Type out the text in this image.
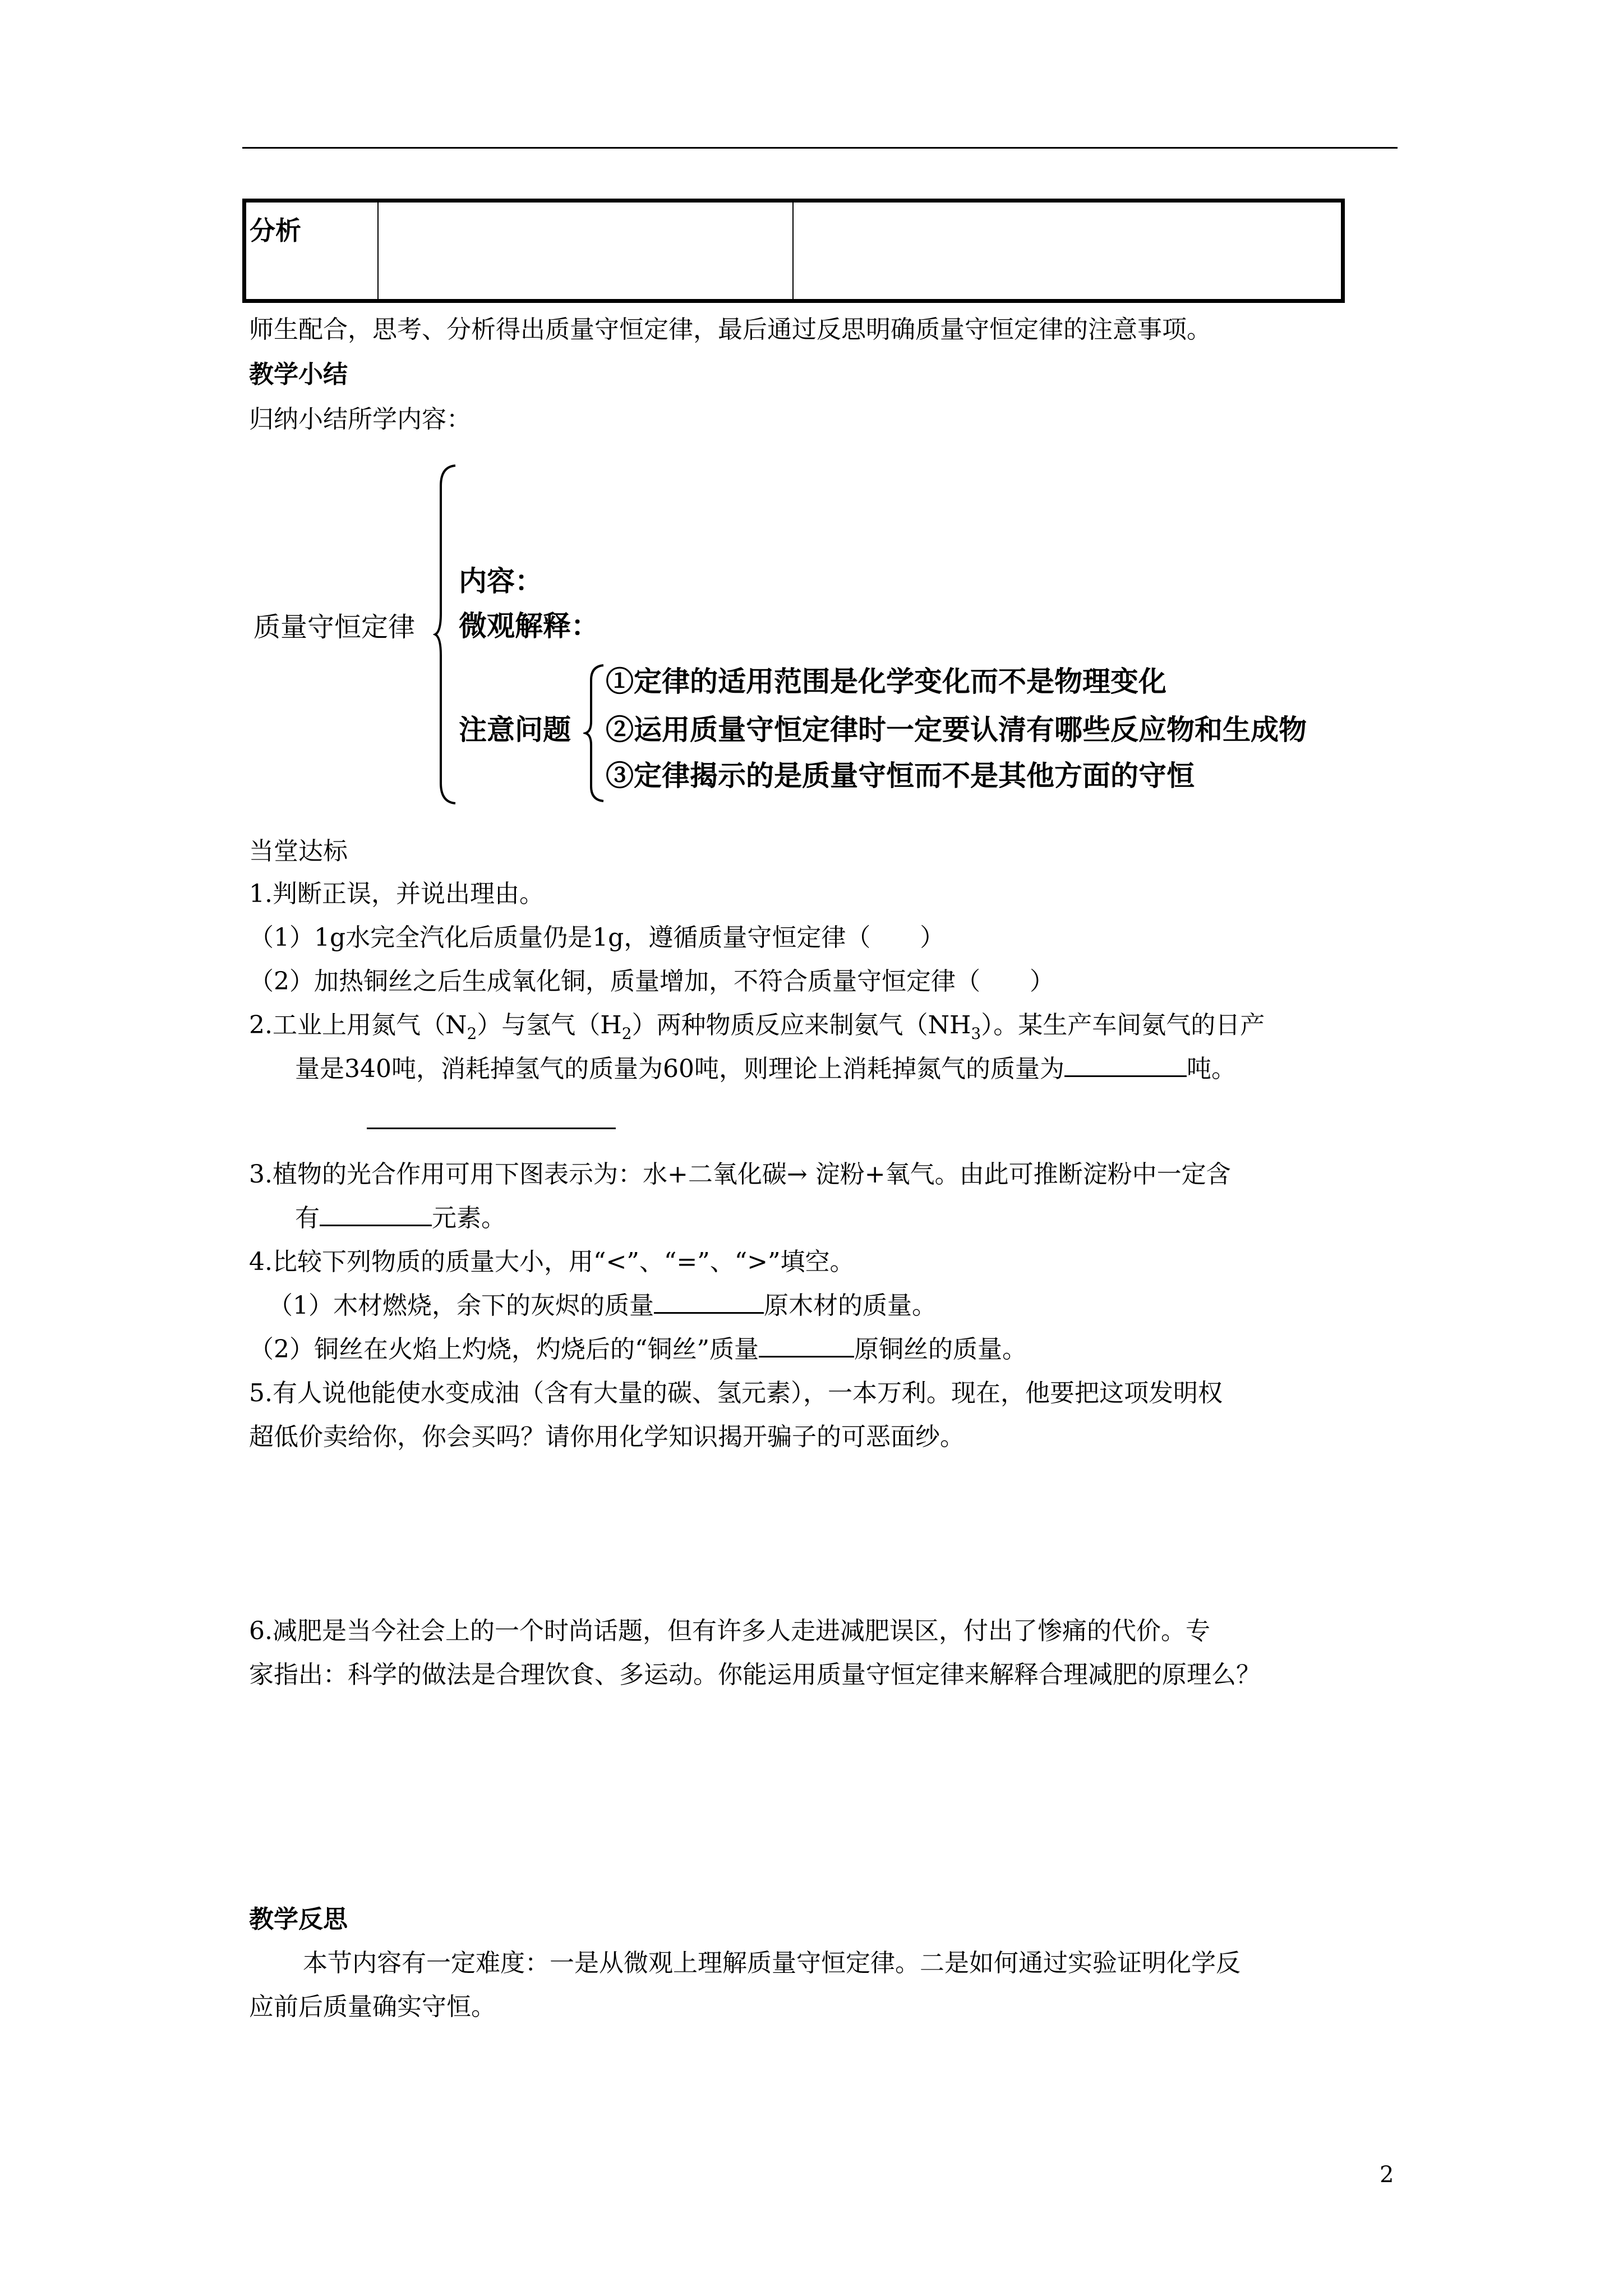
分析
师生配合，思考、分析得出质量守恒定律，最后通过反思明确质量守恒定律的注意事项。
教学小结
归纳小结所学内容：
质量守恒定律
内容：
微观解释：
注意问题
①定律的适用范围是化学变化而不是物理变化
②运用质量守恒定律时一定要认清有哪些反应物和生成物
③定律揭示的是质量守恒而不是其他方面的守恒
当堂达标
1.判断正误，并说出理由。
（1）1g水完全汽化后质量仍是1g，遵循质量守恒定律（　　）
（2）加热铜丝之后生成氧化铜，质量增加，不符合质量守恒定律（　　）
2.工业上用氮气$(N_2)$与氢气$(H_2)$两种物质反应来制氨气$(NH_3)$。某生产车间氨气的日产
量是340吨，消耗掉氢气的质量为60吨，则理论上消耗掉氮气的质量为	吨。
3.植物的光合作用可用下图表示为：水+二氧化碳→ 淀粉+氧气。由此可推断淀粉中一定含
有	元素。
4.比较下列物质的质量大小，用“<”、“=”、“>”填空。
（1）木材燃烧，余下的灰烬的质量	原木材的质量。
（2）铜丝在火焰上灼烧，灼烧后的“铜丝”质量	原铜丝的质量。
5.有人说他能使水变成油（含有大量的碳、氢元素），一本万利。现在，他要把这项发明权
超低价卖给你，你会买吗？请你用化学知识揭开骗子的可恶面纱。
6.减肥是当今社会上的一个时尚话题，但有许多人走进减肥误区，付出了惨痛的代价。专
家指出：科学的做法是合理饮食、多运动。你能运用质量守恒定律来解释合理减肥的原理么？
教学反思
本节内容有一定难度：一是从微观上理解质量守恒定律。二是如何通过实验证明化学反
应前后质量确实守恒。
2
